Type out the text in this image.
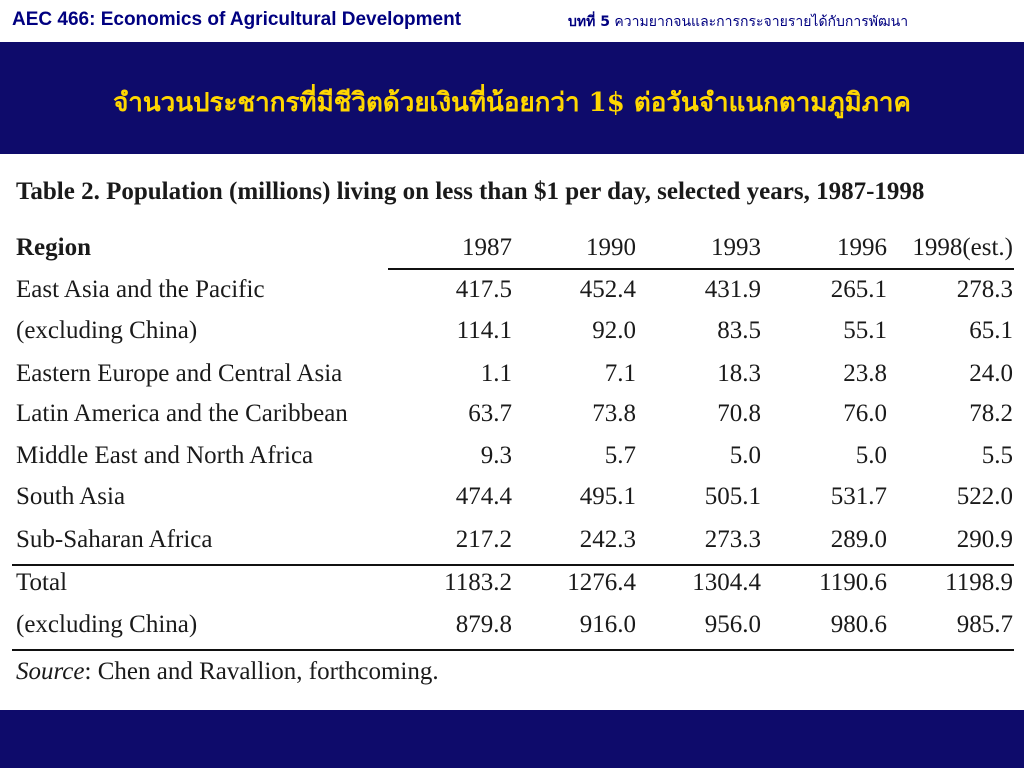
AEC 466: Economics of Agricultural Development	บทที่ 5 ความยากจนและการกระจายรายได้กับการพัฒนา
จำนวนประชากรที่มีชีวิตด้วยเงินที่น้อยกว่า 1$ ต่อวันจำแนกตามภูมิภาค
Table 2. Population (millions) living on less than $1 per day, selected years, 1987-1998
Region	1987	1990	1993	1996	1998(est.)
East Asia and the Pacific	417.5	452.4	431.9	265.1	278.3
(excluding China)	114.1	92.0	83.5	55.1	65.1
Eastern Europe and Central Asia	1.1	7.1	18.3	23.8	24.0
Latin America and the Caribbean	63.7	73.8	70.8	76.0	78.2
Middle East and North Africa	9.3	5.7	5.0	5.0	5.5
South Asia	474.4	495.1	505.1	531.7	522.0
Sub-Saharan Africa	217.2	242.3	273.3	289.0	290.9
Total	1183.2	1276.4	1304.4	1190.6	1198.9
(excluding China)	879.8	916.0	956.0	980.6	985.7
Source: Chen and Ravallion, forthcoming.
